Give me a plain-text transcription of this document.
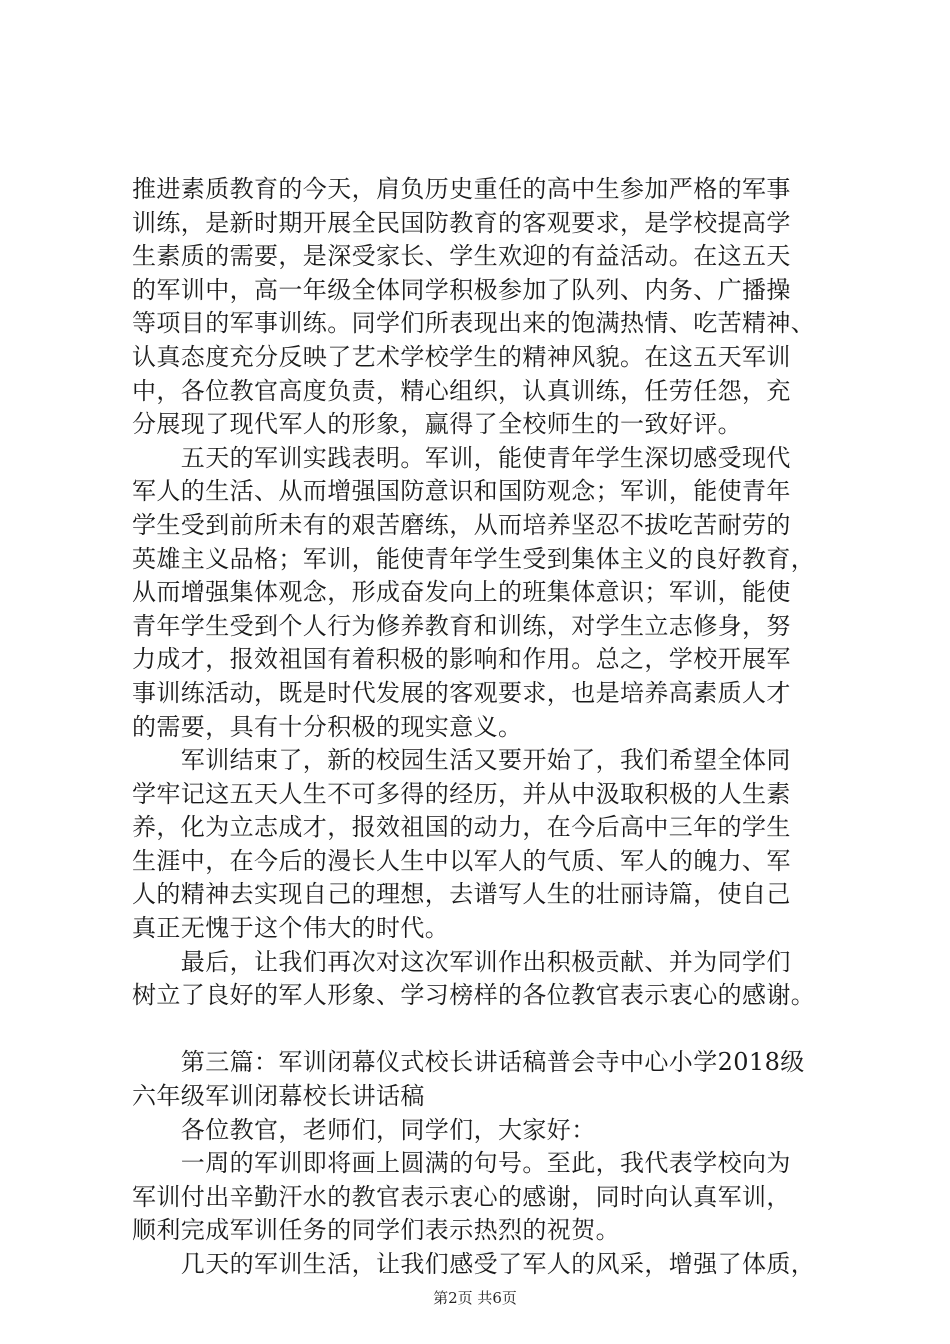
推进素质教育的今天，肩负历史重任的高中生参加严格的军事
训练，是新时期开展全民国防教育的客观要求，是学校提高学
生素质的需要，是深受家长、学生欢迎的有益活动。在这五天
的军训中，高一年级全体同学积极参加了队列、内务、广播操
等项目的军事训练。同学们所表现出来的饱满热情、吃苦精神、
认真态度充分反映了艺术学校学生的精神风貌。在这五天军训
中，各位教官高度负责，精心组织，认真训练，任劳任怨，充
分展现了现代军人的形象，赢得了全校师生的一致好评。
　　五天的军训实践表明。军训，能使青年学生深切感受现代
军人的生活、从而增强国防意识和国防观念；军训，能使青年
学生受到前所未有的艰苦磨练，从而培养坚忍不拔吃苦耐劳的
英雄主义品格；军训，能使青年学生受到集体主义的良好教育，
从而增强集体观念，形成奋发向上的班集体意识；军训，能使
青年学生受到个人行为修养教育和训练，对学生立志修身，努
力成才，报效祖国有着积极的影响和作用。总之，学校开展军
事训练活动，既是时代发展的客观要求，也是培养高素质人才
的需要，具有十分积极的现实意义。
　　军训结束了，新的校园生活又要开始了，我们希望全体同
学牢记这五天人生不可多得的经历，并从中汲取积极的人生素
养，化为立志成才，报效祖国的动力，在今后高中三年的学生
生涯中，在今后的漫长人生中以军人的气质、军人的魄力、军
人的精神去实现自己的理想，去谱写人生的壮丽诗篇，使自己
真正无愧于这个伟大的时代。
　　最后，让我们再次对这次军训作出积极贡献、并为同学们
树立了良好的军人形象、学习榜样的各位教官表示衷心的感谢。
　　第三篇：军训闭幕仪式校长讲话稿普会寺中心小学2018级
六年级军训闭幕校长讲话稿
　　各位教官，老师们，同学们，大家好：
　　一周的军训即将画上圆满的句号。至此，我代表学校向为
军训付出辛勤汗水的教官表示衷心的感谢，同时向认真军训，
顺利完成军训任务的同学们表示热烈的祝贺。
　　几天的军训生活，让我们感受了军人的风采，增强了体质，
第2页 共6页
